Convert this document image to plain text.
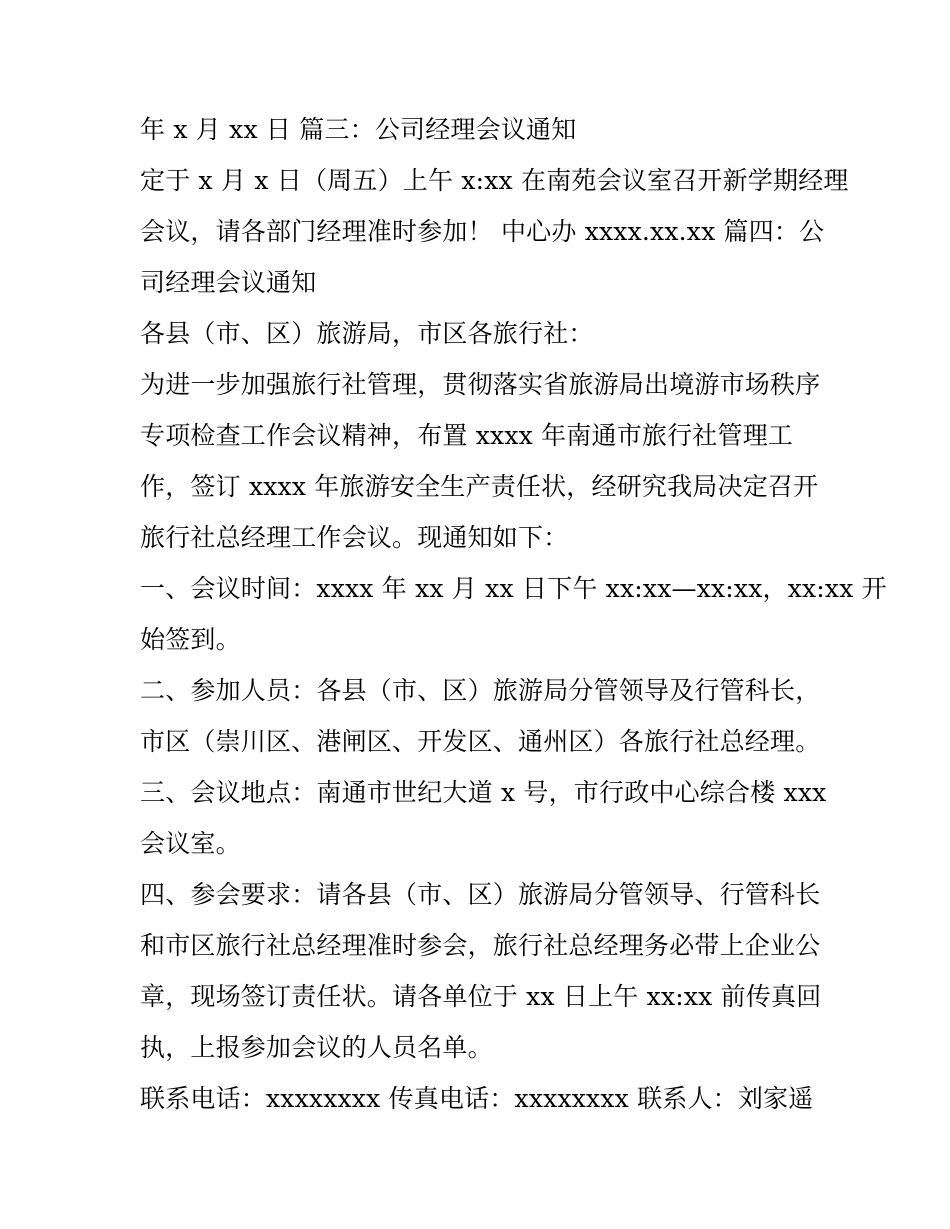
年 x 月 xx 日 篇三：公司经理会议通知
定于 x 月 x 日（周五）上午 x:xx 在南苑会议室召开新学期经理
会议，请各部门经理准时参加！ 中心办 xxxx.xx.xx 篇四：公
司经理会议通知
各县（市、区）旅游局，市区各旅行社：
为进一步加强旅行社管理，贯彻落实省旅游局出境游市场秩序
专项检查工作会议精神，布置 xxxx 年南通市旅行社管理工
作，签订 xxxx 年旅游安全生产责任状，经研究我局决定召开
旅行社总经理工作会议。现通知如下：
一、会议时间：xxxx 年 xx 月 xx 日下午 xx:xx—xx:xx，xx:xx 开
始签到。
二、参加人员：各县（市、区）旅游局分管领导及行管科长，
市区（崇川区、港闸区、开发区、通州区）各旅行社总经理。
三、会议地点：南通市世纪大道 x 号，市行政中心综合楼 xxx
会议室。
四、参会要求：请各县（市、区）旅游局分管领导、行管科长
和市区旅行社总经理准时参会，旅行社总经理务必带上企业公
章，现场签订责任状。请各单位于 xx 日上午 xx:xx 前传真回
执，上报参加会议的人员名单。
联系电话：xxxxxxxx 传真电话：xxxxxxxx 联系人：刘家遥
